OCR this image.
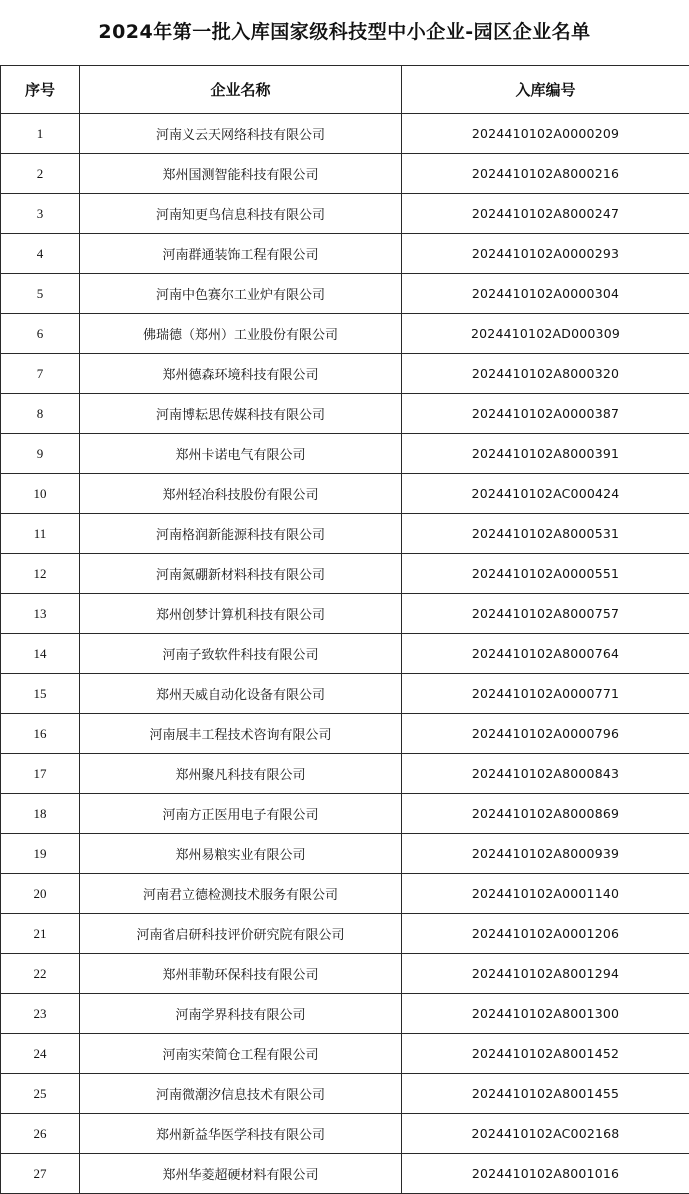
2024年第一批入库国家级科技型中小企业-园区企业名单
序号	企业名称	入库编号
1	河南义云天网络科技有限公司	2024410102A0000209
2	郑州国测智能科技有限公司	2024410102A8000216
3	河南知更鸟信息科技有限公司	2024410102A8000247
4	河南群通装饰工程有限公司	2024410102A0000293
5	河南中色赛尔工业炉有限公司	2024410102A0000304
6	佛瑞德（郑州）工业股份有限公司	2024410102AD000309
7	郑州德森环境科技有限公司	2024410102A8000320
8	河南博耘思传媒科技有限公司	2024410102A0000387
9	郑州卡诺电气有限公司	2024410102A8000391
10	郑州轻冶科技股份有限公司	2024410102AC000424
11	河南格润新能源科技有限公司	2024410102A8000531
12	河南氮硼新材料科技有限公司	2024410102A0000551
13	郑州创梦计算机科技有限公司	2024410102A8000757
14	河南子致软件科技有限公司	2024410102A8000764
15	郑州天威自动化设备有限公司	2024410102A0000771
16	河南展丰工程技术咨询有限公司	2024410102A0000796
17	郑州聚凡科技有限公司	2024410102A8000843
18	河南方正医用电子有限公司	2024410102A8000869
19	郑州易粮实业有限公司	2024410102A8000939
20	河南君立德检测技术服务有限公司	2024410102A0001140
21	河南省启研科技评价研究院有限公司	2024410102A0001206
22	郑州菲勒环保科技有限公司	2024410102A8001294
23	河南学界科技有限公司	2024410102A8001300
24	河南实荣简仓工程有限公司	2024410102A8001452
25	河南微潮汐信息技术有限公司	2024410102A8001455
26	郑州新益华医学科技有限公司	2024410102AC002168
27	郑州华菱超硬材料有限公司	2024410102A8001016
